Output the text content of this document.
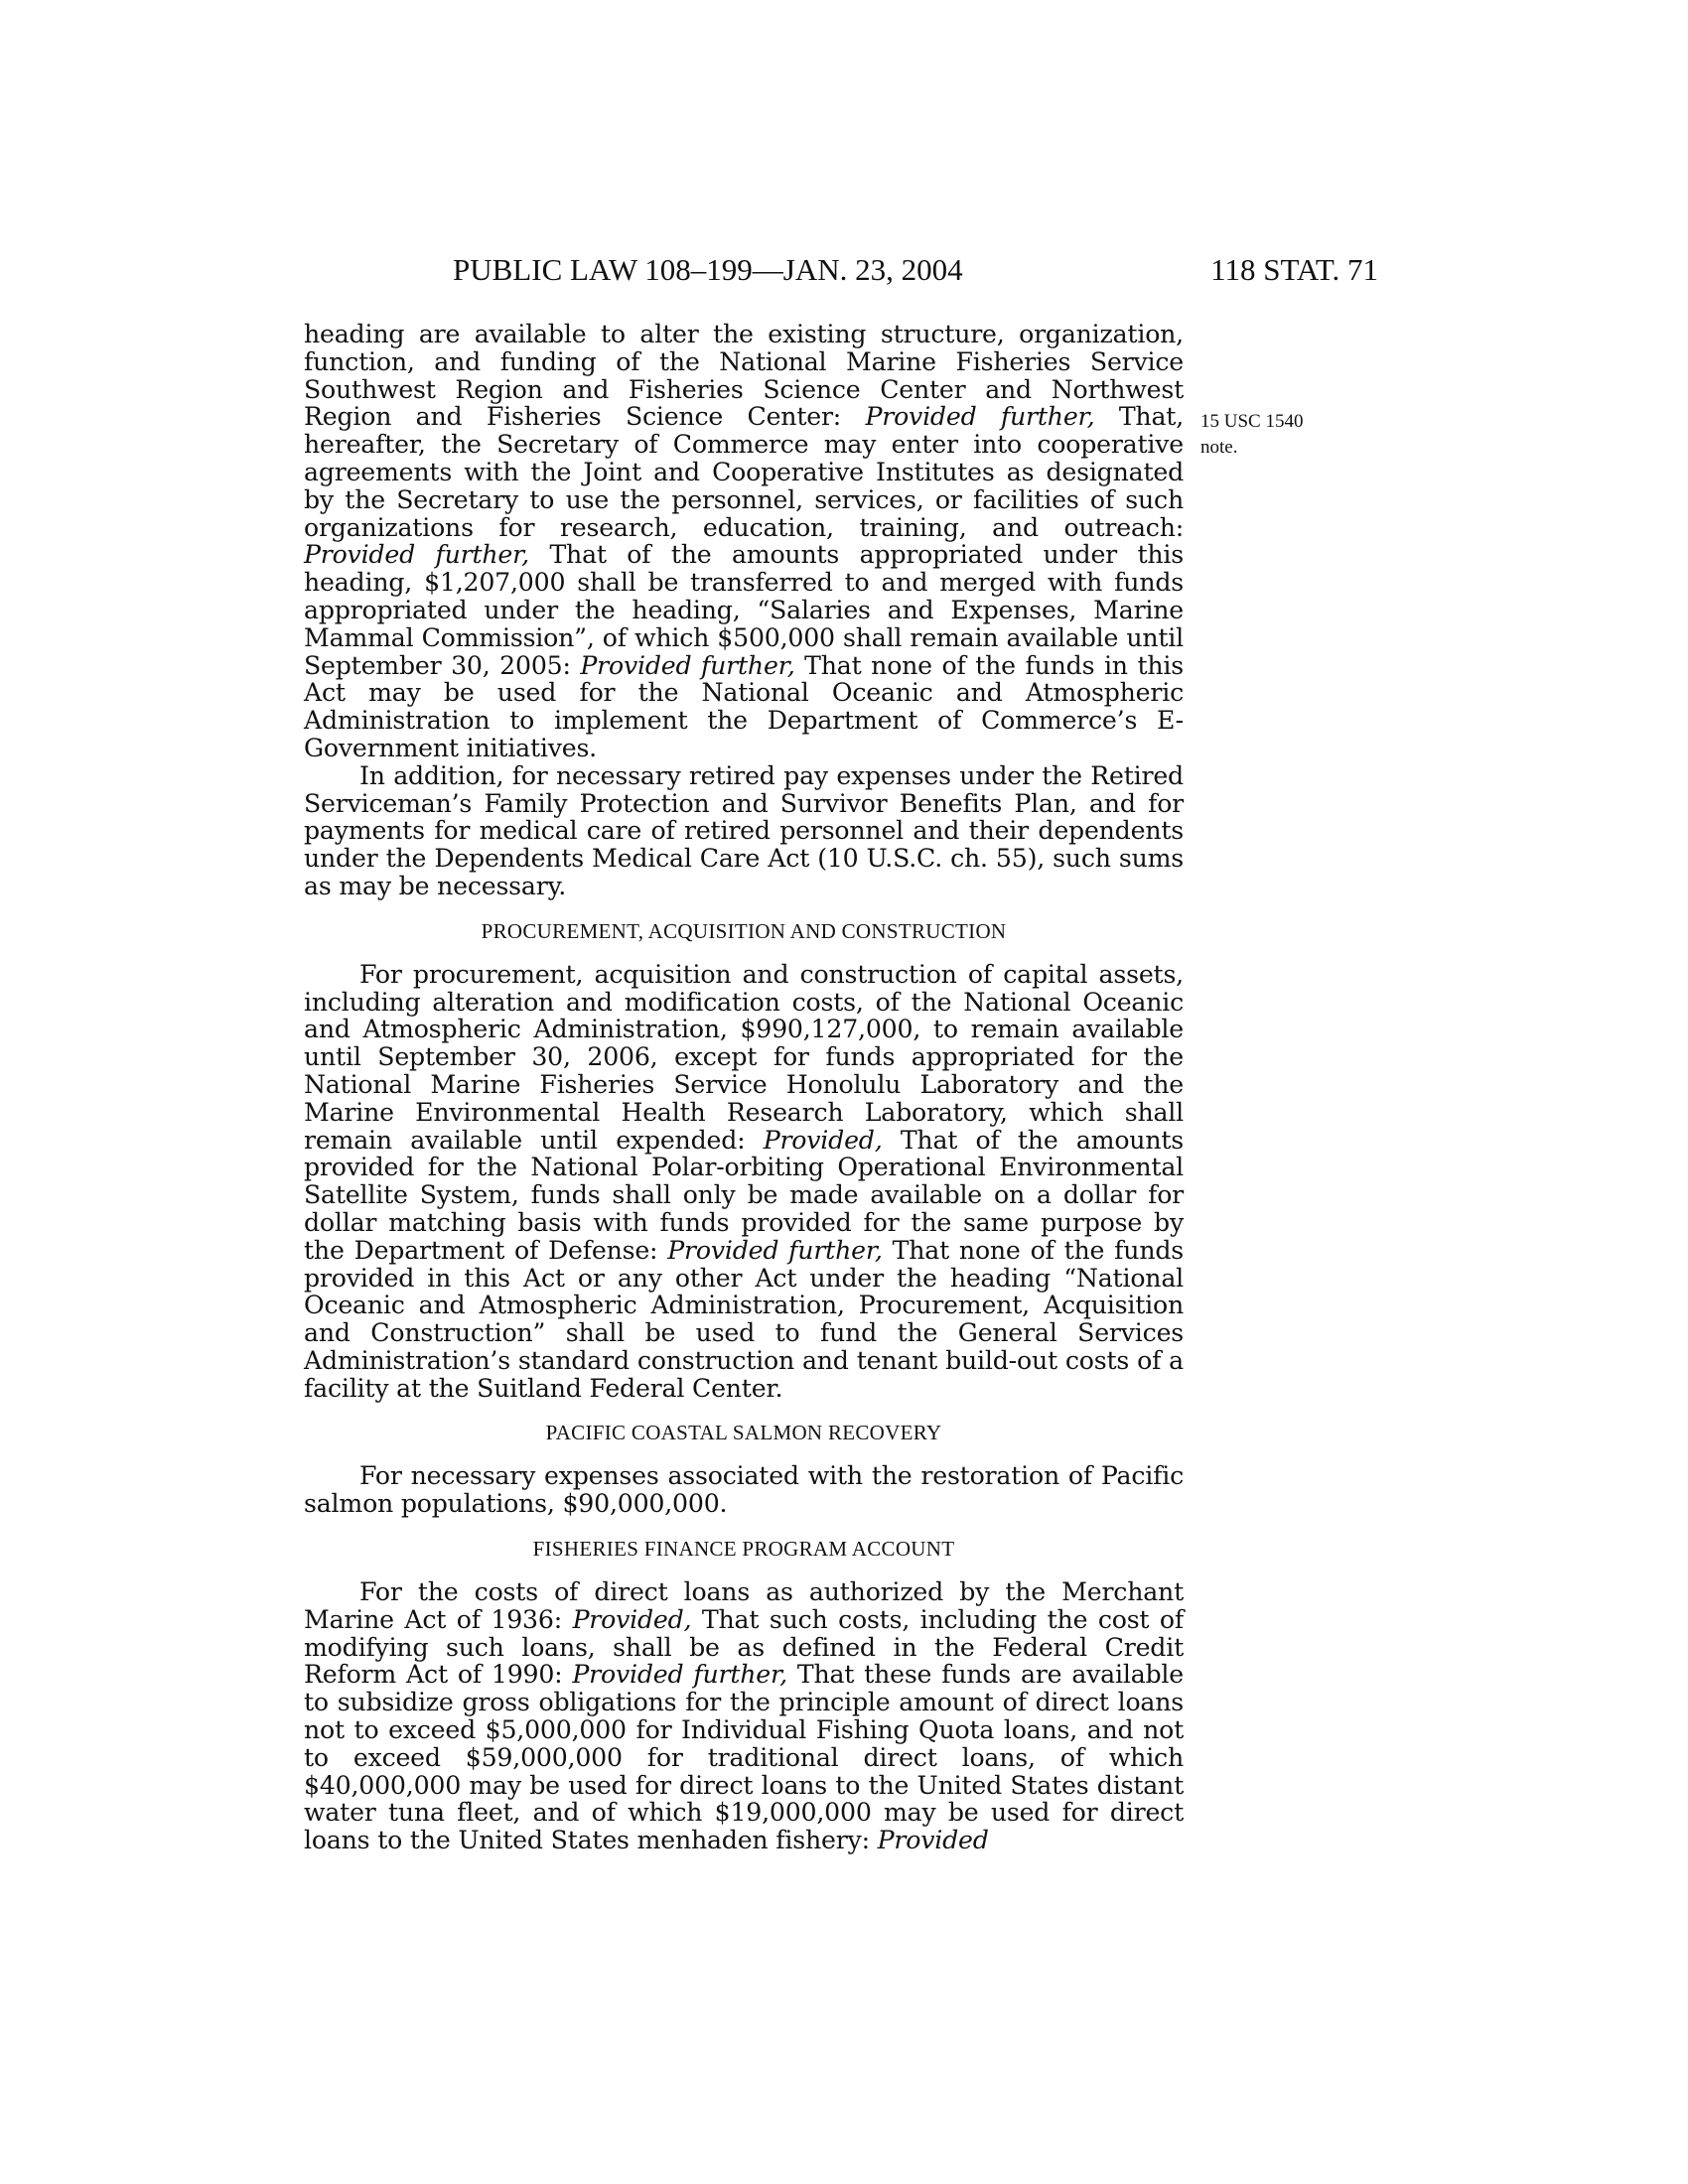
PUBLIC LAW 108–199—JAN. 23, 2004	118 STAT. 71
15 USC 1540
note.

heading are available to alter the existing structure, organization, function, and funding of the National Marine Fisheries Service Southwest Region and Fisheries Science Center and Northwest Region and Fisheries Science Center: Provided further, That, hereafter, the Secretary of Commerce may enter into cooperative agreements with the Joint and Cooperative Institutes as designated by the Secretary to use the personnel, services, or facilities of such organizations for research, education, training, and outreach: Provided further, That of the amounts appropriated under this heading, $1,207,000 shall be transferred to and merged with funds appropriated under the heading, “Salaries and Expenses, Marine Mammal Commission”, of which $500,000 shall remain available until September 30, 2005: Provided further, That none of the funds in this Act may be used for the National Oceanic and Atmospheric Administration to implement the Department of Commerce’s E-Government initiatives.

In addition, for necessary retired pay expenses under the Retired Serviceman’s Family Protection and Survivor Benefits Plan, and for payments for medical care of retired personnel and their dependents under the Dependents Medical Care Act (10 U.S.C. ch. 55), such sums as may be necessary.

PROCUREMENT, ACQUISITION AND CONSTRUCTION

For procurement, acquisition and construction of capital assets, including alteration and modification costs, of the National Oceanic and Atmospheric Administration, $990,127,000, to remain available until September 30, 2006, except for funds appropriated for the National Marine Fisheries Service Honolulu Laboratory and the Marine Environmental Health Research Laboratory, which shall remain available until expended: Provided, That of the amounts provided for the National Polar-orbiting Operational Environmental Satellite System, funds shall only be made available on a dollar for dollar matching basis with funds provided for the same purpose by the Department of Defense: Provided further, That none of the funds provided in this Act or any other Act under the heading “National Oceanic and Atmospheric Administration, Procurement, Acquisition and Construction” shall be used to fund the General Services Administration’s standard construction and tenant build-out costs of a facility at the Suitland Federal Center.

PACIFIC COASTAL SALMON RECOVERY

For necessary expenses associated with the restoration of Pacific salmon populations, $90,000,000.

FISHERIES FINANCE PROGRAM ACCOUNT

For the costs of direct loans as authorized by the Merchant Marine Act of 1936: Provided, That such costs, including the cost of modifying such loans, shall be as defined in the Federal Credit Reform Act of 1990: Provided further, That these funds are available to subsidize gross obligations for the principle amount of direct loans not to exceed $5,000,000 for Individual Fishing Quota loans, and not to exceed $59,000,000 for traditional direct loans, of which $40,000,000 may be used for direct loans to the United States distant water tuna fleet, and of which $19,000,000 may be used for direct loans to the United States menhaden fishery: Provided
